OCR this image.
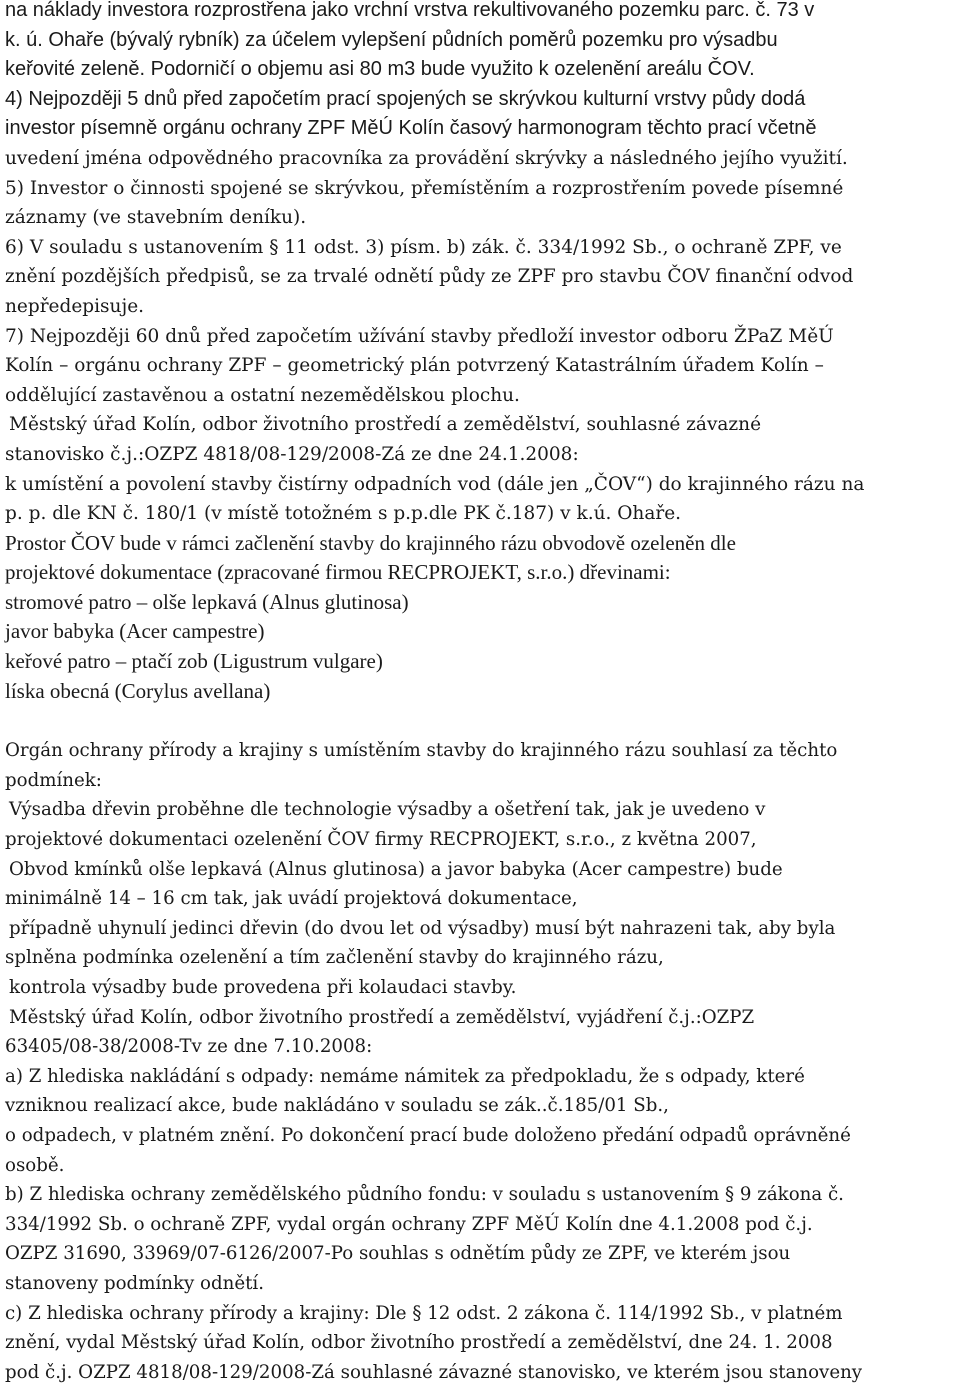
na náklady investora rozprostřena jako vrchní vrstva rekultivovaného pozemku parc. č. 73 v
k. ú. Ohaře (bývalý rybník) za účelem vylepšení půdních poměrů pozemku pro výsadbu
keřovité zeleně. Podorničí o objemu asi 80 m3 bude využito k ozelenění areálu ČOV.
4) Nejpozději 5 dnů před započetím prací spojených se skrývkou kulturní vrstvy půdy dodá
investor písemně orgánu ochrany ZPF MěÚ Kolín časový harmonogram těchto prací včetně
uvedení jména odpovědného pracovníka za provádění skrývky a následného jejího využití.
5) Investor o činnosti spojené se skrývkou, přemístěním a rozprostřením povede písemné
záznamy (ve stavebním deníku).
6) V souladu s ustanovením § 11 odst. 3) písm. b) zák. č. 334/1992 Sb., o ochraně ZPF, ve
znění pozdějších předpisů, se za trvalé odnětí půdy ze ZPF pro stavbu ČOV finanční odvod
nepředepisuje.
7) Nejpozději 60 dnů před započetím užívání stavby předloží investor odboru ŽPaZ MěÚ
Kolín – orgánu ochrany ZPF – geometrický plán potvrzený Katastrálním úřadem Kolín –
oddělující zastavěnou a ostatní nezemědělskou plochu.
Městský úřad Kolín, odbor životního prostředí a zemědělství, souhlasné závazné
stanovisko č.j.:OZPZ 4818/08-129/2008-Zá ze dne 24.1.2008:
k umístění a povolení stavby čistírny odpadních vod (dále jen „ČOV“) do krajinného rázu na
p. p. dle KN č. 180/1 (v místě totožném s p.p.dle PK č.187) v k.ú. Ohaře.
Prostor ČOV bude v rámci začlenění stavby do krajinného rázu obvodově ozeleněn dle
projektové dokumentace (zpracované firmou RECPROJEKT, s.r.o.) dřevinami:
stromové patro – olše lepkavá (Alnus glutinosa)
javor babyka (Acer campestre)
keřové patro – ptačí zob (Ligustrum vulgare)
líska obecná (Corylus avellana)
Orgán ochrany přírody a krajiny s umístěním stavby do krajinného rázu souhlasí za těchto
podmínek:
Výsadba dřevin proběhne dle technologie výsadby a ošetření tak, jak je uvedeno v
projektové dokumentaci ozelenění ČOV firmy RECPROJEKT, s.r.o., z května 2007,
Obvod kmínků olše lepkavá (Alnus glutinosa) a javor babyka (Acer campestre) bude
minimálně 14 – 16 cm tak, jak uvádí projektová dokumentace,
případně uhynulí jedinci dřevin (do dvou let od výsadby) musí být nahrazeni tak, aby byla
splněna podmínka ozelenění a tím začlenění stavby do krajinného rázu,
kontrola výsadby bude provedena při kolaudaci stavby.
Městský úřad Kolín, odbor životního prostředí a zemědělství, vyjádření č.j.:OZPZ
63405/08-38/2008-Tv ze dne 7.10.2008:
a) Z hlediska nakládání s odpady: nemáme námitek za předpokladu, že s odpady, které
vzniknou realizací akce, bude nakládáno v souladu se zák..č.185/01 Sb.,
o odpadech, v platném znění. Po dokončení prací bude doloženo předání odpadů oprávněné
osobě.
b) Z hlediska ochrany zemědělského půdního fondu: v souladu s ustanovením § 9 zákona č.
334/1992 Sb. o ochraně ZPF, vydal orgán ochrany ZPF MěÚ Kolín dne 4.1.2008 pod č.j.
OZPZ 31690, 33969/07-6126/2007-Po souhlas s odnětím půdy ze ZPF, ve kterém jsou
stanoveny podmínky odnětí.
c) Z hlediska ochrany přírody a krajiny: Dle § 12 odst. 2 zákona č. 114/1992 Sb., v platném
znění, vydal Městský úřad Kolín, odbor životního prostředí a zemědělství, dne 24. 1. 2008
pod č.j. OZPZ 4818/08-129/2008-Zá souhlasné závazné stanovisko, ve kterém jsou stanoveny
